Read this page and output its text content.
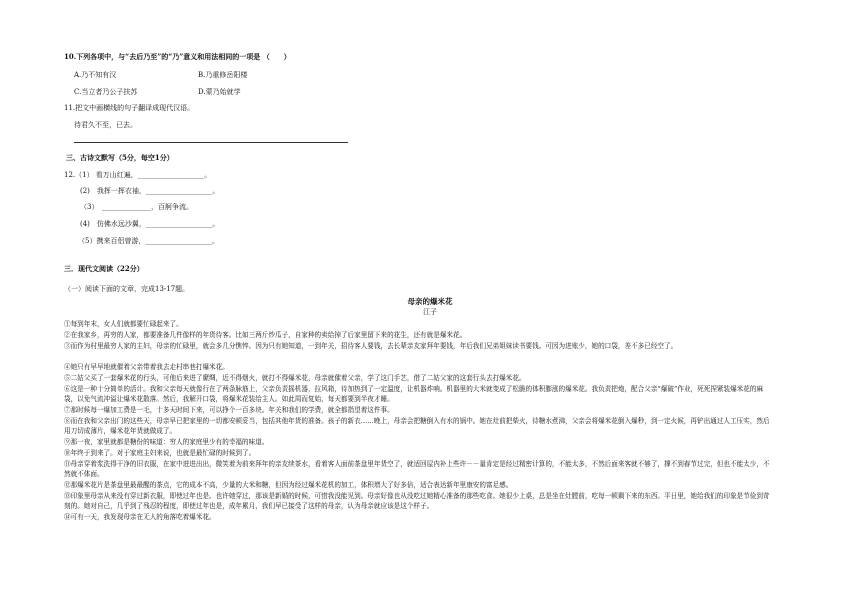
10.下列各项中，与“去后乃至”的“乃”意义和用法相同的一项是 （　　）
A.乃不知有汉	B.乃重修岳阳楼
C.当立者乃公子扶苏	D.蒙乃始就学
11.把文中画横线的句子翻译成现代汉语。
待君久不至，已去。
三、古诗文默写（5分，每空1分）
12.（1） 看万山红遍，___________________。
(2)　我挥一挥衣袖，___________________。
（3）　______________，百舸争流。
(4)　仿佛水远沙翼，___________________。
（5）携来百侣曾游，___________________。
三．现代文阅读（22分）
（一）阅读下面的文章，完成13-17题。
母亲的爆米花
江子
①每到年末，女人们就都要忙碌起来了。
②在我家乡，再穷的人家，都要准备几件像样的年货待客。比如三两斤炒瓜子，自家种的卖给掉了后家里留下来的花生，还有就是爆米花。
③而作为村里最穷人家的主妇，母亲的忙碌里，就会多几分憔悴。因为只有她知道，一到年关，招待客人要钱，去长辈亲友家拜年要钱，年后我们兄弟姐妹读书要钱。可因为进账少，她的口袋，差不多已经空了。
④她只有早早地就催着父亲带着我去走村串巷打爆米花。
⑤二姑父买了一套爆米花的行头，可他后来进了縻绸，近不得烟火，就打不得爆米花，母亲就催着父亲，学了这门手艺，借了二姑父家的这套行头去打爆米花。
⑥这是一种十分简单的活计。我和父亲每天就像行在了两条脉筋上，父亲负责摇机器，拉风箱，待加热到了一定温度，让机器炸响。机器里的大米就变成了松脆的体积膨涨的爆米花。我负责把炮，配合父亲“爆破”作业，死死捏紧装爆米花的麻袋，以免气流冲溢让爆米花散落。然后，我解开口袋，将爆米花装给主人。如此周而复始，每天都要到半夜才睡。
⑦那时候每一爆加工费是一毛，十多天时间下来，可以挣个一百多块。年关和我们的学费，就全都指望着这件事。
⑧而在我和父亲出门的这些天，母亲早已把家里的一切都安顿妥当，包括其他年货的准备。孩子的新衣……晚上，母亲会把糖倒入有水的锅中。她在灶前把柴火，待糖水煮沸，父亲会将爆米花倒入爆秒，到一定火候，再铲出通过人工压实，然后用刀切成薄片，爆米花年货就做成了。
⑨那一夜，家里就都是糖份的味道：穷人的家庭里少有的幸福的味道。
⑩年终于到来了。对于家庭主妇来说，也就是最忙碌的时候到了。
⑪母亲穿着浆洗得干净的旧衣服，在家中进进出出，微笑着为前来拜年的亲友续茶水，看着客人面前茶盘里年货空了，就适回屋内补上些许－－量肯定是经过精密计算的，不能太多，不然后面来客就不够了，撑不到春节过完，但也不能太少，不然就不体面。
⑫那爆米花片是茶盘里最最醒的茶点，它的成本不高，少量的大米和糖，但因为经过爆米花机的加工，体积增大了好多倍，适合表达新年里康安的富足感。
⑬印象里母亲从来没有穿过新衣服，即使过年也是。也许她穿过，那该是新婚的时候，可惜我没能见到。母亲好像也从没吃过她精心准备的那些吃食。她很少上桌，总是坐在灶膛前，吃每一顿剩下来的东西。平日里，她给我们的印象是节俭到苛刻的。她对自己，几乎到了残忍的程度，即使过年也是，成年累月，我们早已接受了这样的母亲，认为母亲就应该是这个样子。
⑭可有一天，我发现母亲在无人的角落吃着爆米花。
